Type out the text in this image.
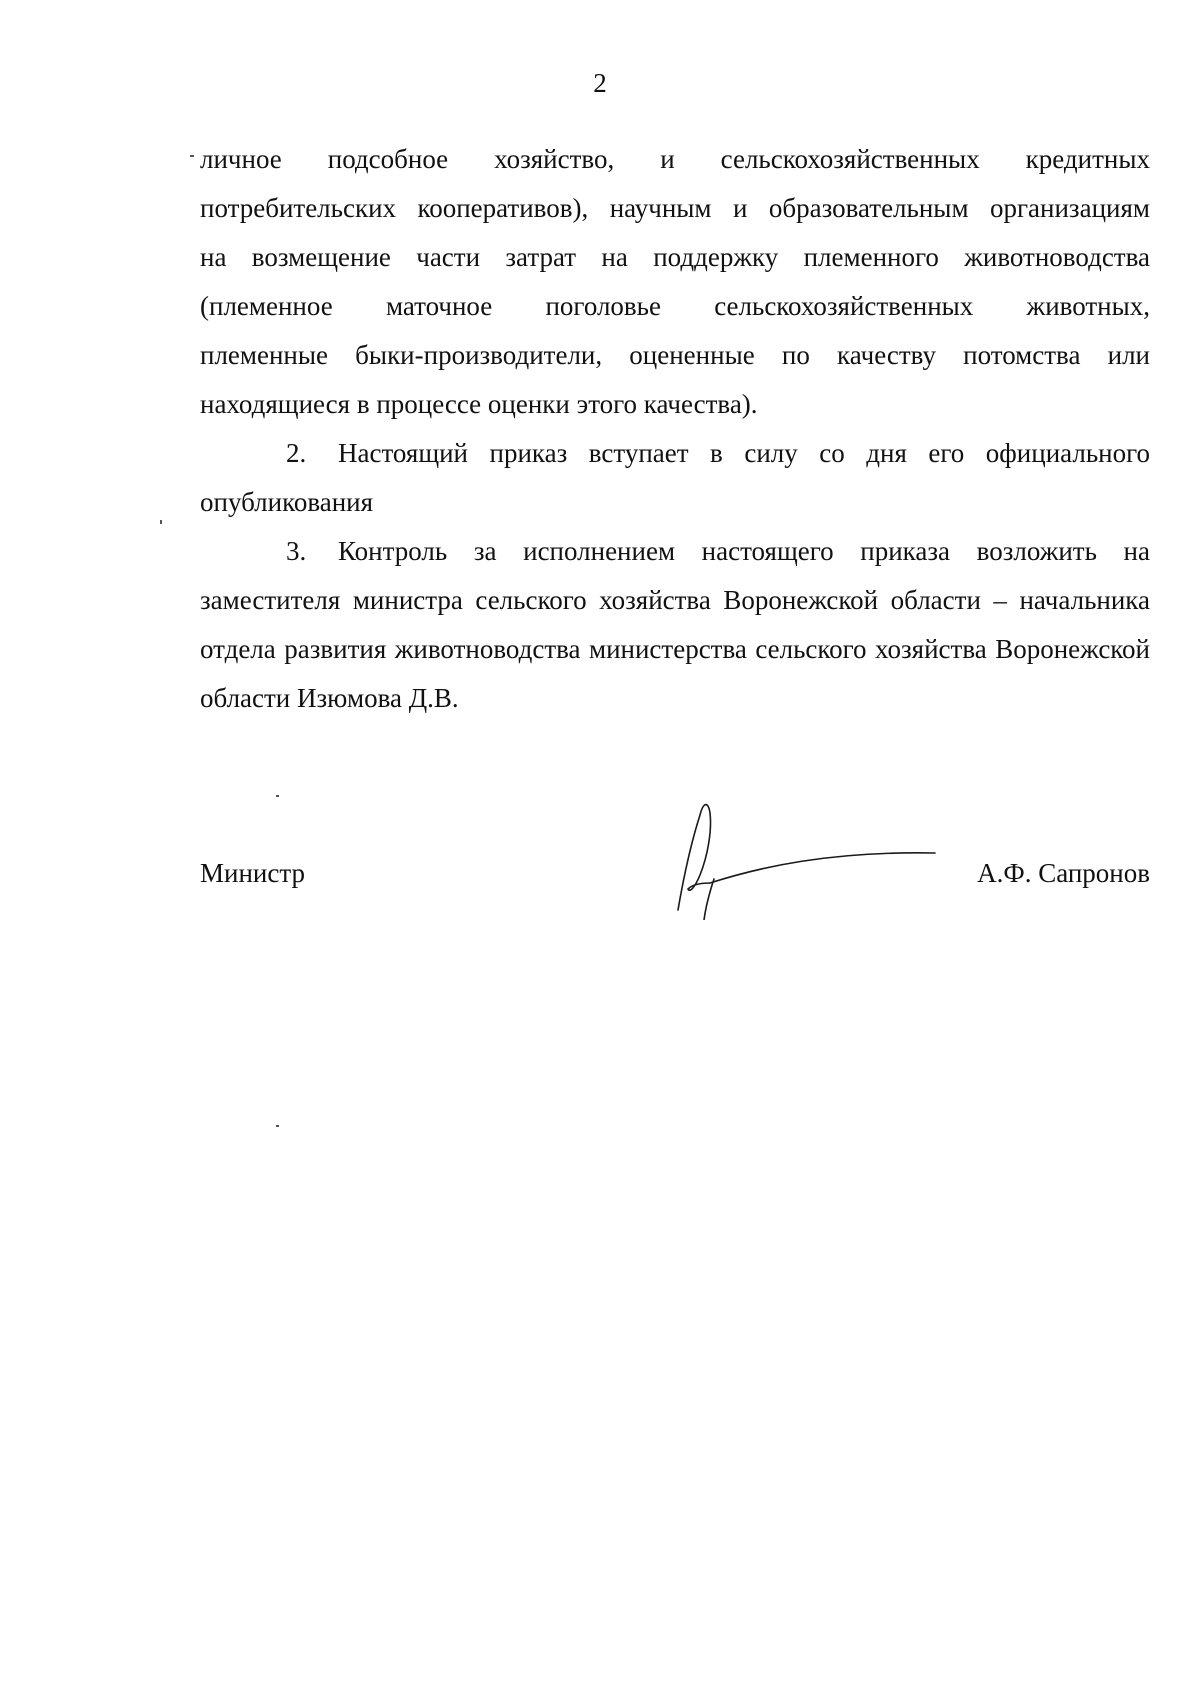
2

личное подсобное хозяйство, и сельскохозяйственных кредитных
потребительских кооперативов), научным и образовательным организациям
на возмещение части затрат на поддержку племенного животноводства
(племенное маточное поголовье сельскохозяйственных животных,
племенные быки-производители, оцененные по качеству потомства или
находящиеся в процессе оценки этого качества).

2. Настоящий приказ вступает в силу со дня его официального опубликования

3. Контроль за исполнением настоящего приказа возложить на заместителя министра сельского хозяйства Воронежской области – начальника отдела развития животноводства министерства сельского хозяйства Воронежской области Изюмова Д.В.

Министр	А.Ф. Сапронов
